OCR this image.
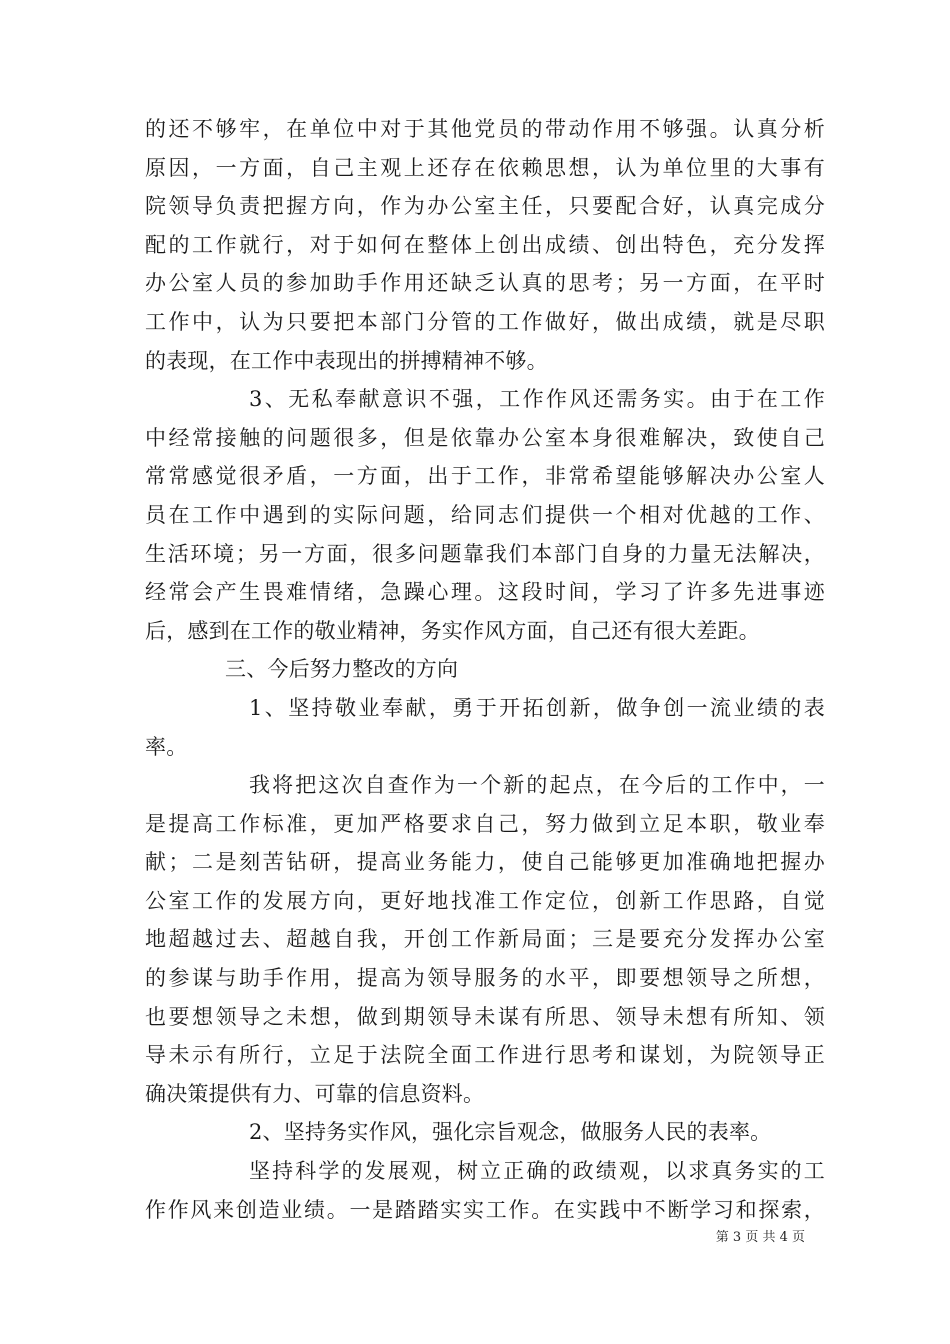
的还不够牢，在单位中对于其他党员的带动作用不够强。认真分析
原因，一方面，自己主观上还存在依赖思想，认为单位里的大事有
院领导负责把握方向，作为办公室主任，只要配合好，认真完成分
配的工作就行，对于如何在整体上创出成绩、创出特色，充分发挥
办公室人员的参加助手作用还缺乏认真的思考；另一方面，在平时
工作中，认为只要把本部门分管的工作做好，做出成绩，就是尽职
的表现，在工作中表现出的拼搏精神不够。
3、无私奉献意识不强，工作作风还需务实。由于在工作
中经常接触的问题很多，但是依靠办公室本身很难解决，致使自己
常常感觉很矛盾，一方面，出于工作，非常希望能够解决办公室人
员在工作中遇到的实际问题，给同志们提供一个相对优越的工作、
生活环境；另一方面，很多问题靠我们本部门自身的力量无法解决，
经常会产生畏难情绪，急躁心理。这段时间，学习了许多先进事迹
后，感到在工作的敬业精神，务实作风方面，自己还有很大差距。
三、今后努力整改的方向
1、坚持敬业奉献，勇于开拓创新，做争创一流业绩的表
率。
我将把这次自查作为一个新的起点，在今后的工作中，一
是提高工作标准，更加严格要求自己，努力做到立足本职，敬业奉
献；二是刻苦钻研，提高业务能力，使自己能够更加准确地把握办
公室工作的发展方向，更好地找准工作定位，创新工作思路，自觉
地超越过去、超越自我，开创工作新局面；三是要充分发挥办公室
的参谋与助手作用，提高为领导服务的水平，即要想领导之所想，
也要想领导之未想，做到期领导未谋有所思、领导未想有所知、领
导未示有所行，立足于法院全面工作进行思考和谋划，为院领导正
确决策提供有力、可靠的信息资料。
2、坚持务实作风，强化宗旨观念，做服务人民的表率。
坚持科学的发展观，树立正确的政绩观，以求真务实的工
作作风来创造业绩。一是踏踏实实工作。在实践中不断学习和探索，
第 3 页 共 4 页
